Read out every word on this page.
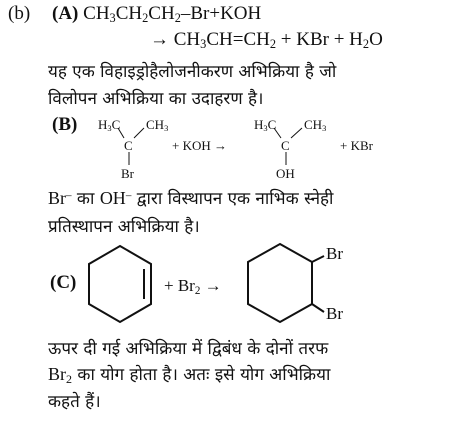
(b) (A) $CH_3CH_2CH_2-Br+KOH$
→ $CH_3CH=CH_2$ + KBr + $H_2O$
यह एक विहाइड्रोहैलोजनीकरण अभिक्रिया है जो
विलोपन अभिक्रिया का उदाहरण है।
(B) $H_3C$ $CH_3$
C
Br
+ KOH →
$H_3C$ $CH_3$
C
OH
+ KBr
Br– का OH– द्वारा विस्थापन एक नाभिक स्नेही
प्रतिस्थापन अभिक्रिया है।
(C)	+ $Br_2$ →
Br
Br
ऊपर दी गई अभिक्रिया में द्विबंध के दोनों तरफ
$Br_2$ का योग होता है। अतः इसे योग अभिक्रिया
कहते हैं।
